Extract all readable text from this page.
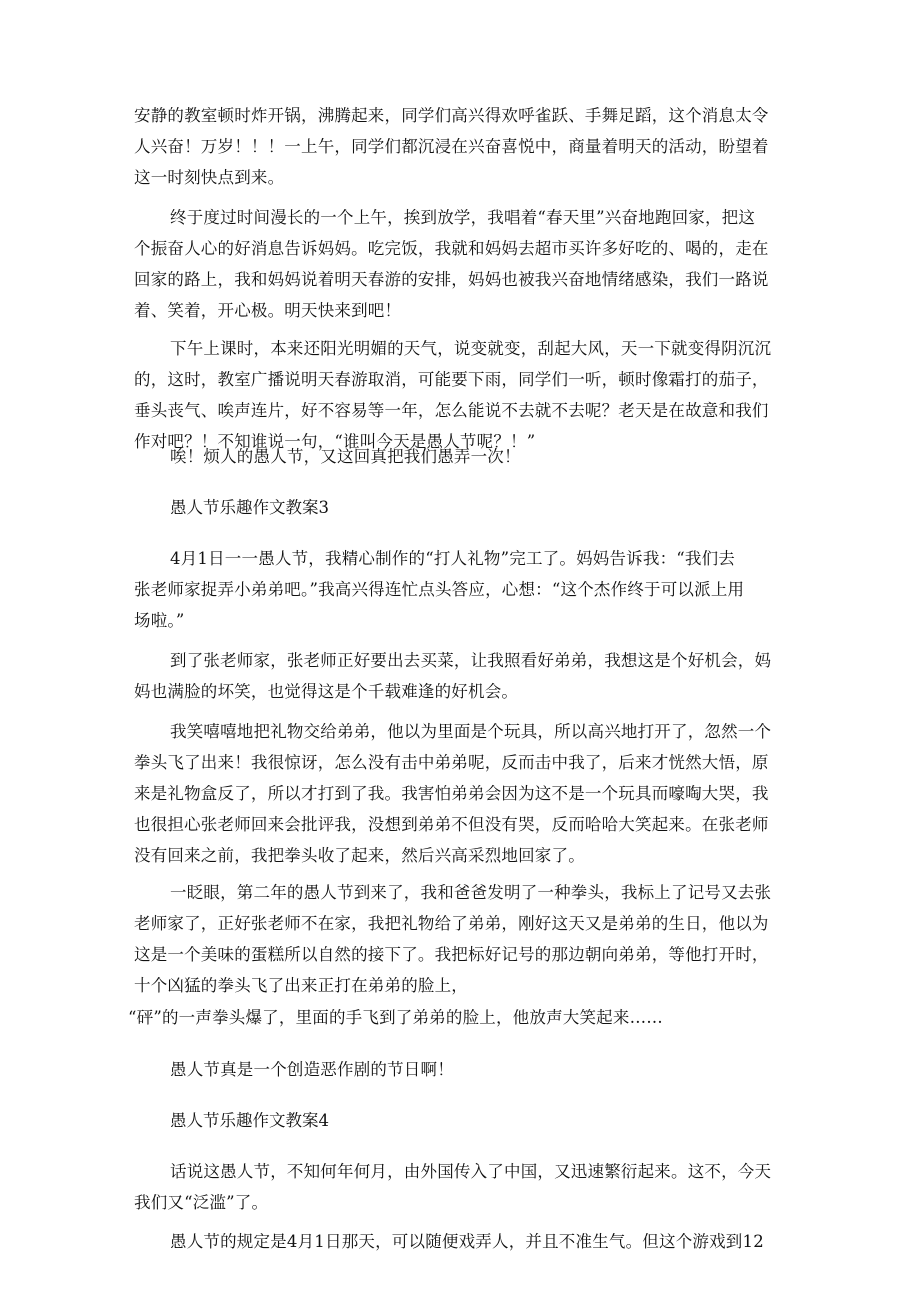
安静的教室顿时炸开锅，沸腾起来，同学们高兴得欢呼雀跃、手舞足蹈，这个消息太令
人兴奋！万岁！！！一上午，同学们都沉浸在兴奋喜悦中，商量着明天的活动，盼望着
这一时刻快点到来。
终于度过时间漫长的一个上午，挨到放学，我唱着“春天里”兴奋地跑回家，把这
个振奋人心的好消息告诉妈妈。吃完饭，我就和妈妈去超市买许多好吃的、喝的，走在
回家的路上，我和妈妈说着明天春游的安排，妈妈也被我兴奋地情绪感染，我们一路说
着、笑着，开心极。明天快来到吧！
下午上课时，本来还阳光明媚的天气，说变就变，刮起大风，天一下就变得阴沉沉
的，这时，教室广播说明天春游取消，可能要下雨，同学们一听，顿时像霜打的茄子，
垂头丧气、唉声连片，好不容易等一年，怎么能说不去就不去呢？老天是在故意和我们
作对吧？！不知谁说一句，“谁叫今天是愚人节呢？！”
唉！烦人的愚人节，又这回真把我们愚弄一次！
愚人节乐趣作文教案3
4月1日一一愚人节，我精心制作的“打人礼物”完工了。妈妈告诉我：“我们去
张老师家捉弄小弟弟吧。”我高兴得连忙点头答应，心想：“这个杰作终于可以派上用
场啦。”
到了张老师家，张老师正好要出去买菜，让我照看好弟弟，我想这是个好机会，妈
妈也满脸的坏笑，也觉得这是个千载难逢的好机会。
我笑嘻嘻地把礼物交给弟弟，他以为里面是个玩具，所以高兴地打开了，忽然一个
拳头飞了出来！我很惊讶，怎么没有击中弟弟呢，反而击中我了，后来才恍然大悟，原
来是礼物盒反了，所以才打到了我。我害怕弟弟会因为这不是一个玩具而嚎啕大哭，我
也很担心张老师回来会批评我，没想到弟弟不但没有哭，反而哈哈大笑起来。在张老师
没有回来之前，我把拳头收了起来，然后兴高采烈地回家了。
一眨眼，第二年的愚人节到来了，我和爸爸发明了一种拳头，我标上了记号又去张
老师家了，正好张老师不在家，我把礼物给了弟弟，刚好这天又是弟弟的生日，他以为
这是一个美味的蛋糕所以自然的接下了。我把标好记号的那边朝向弟弟，等他打开时，
十个凶猛的拳头飞了出来正打在弟弟的脸上，
“砰”的一声拳头爆了，里面的手飞到了弟弟的脸上，他放声大笑起来……
愚人节真是一个创造恶作剧的节日啊！
愚人节乐趣作文教案4
话说这愚人节，不知何年何月，由外国传入了中国，又迅速繁衍起来。这不，今天
我们又“泛滥”了。
愚人节的规定是4月1日那天，可以随便戏弄人，并且不准生气。但这个游戏到12
